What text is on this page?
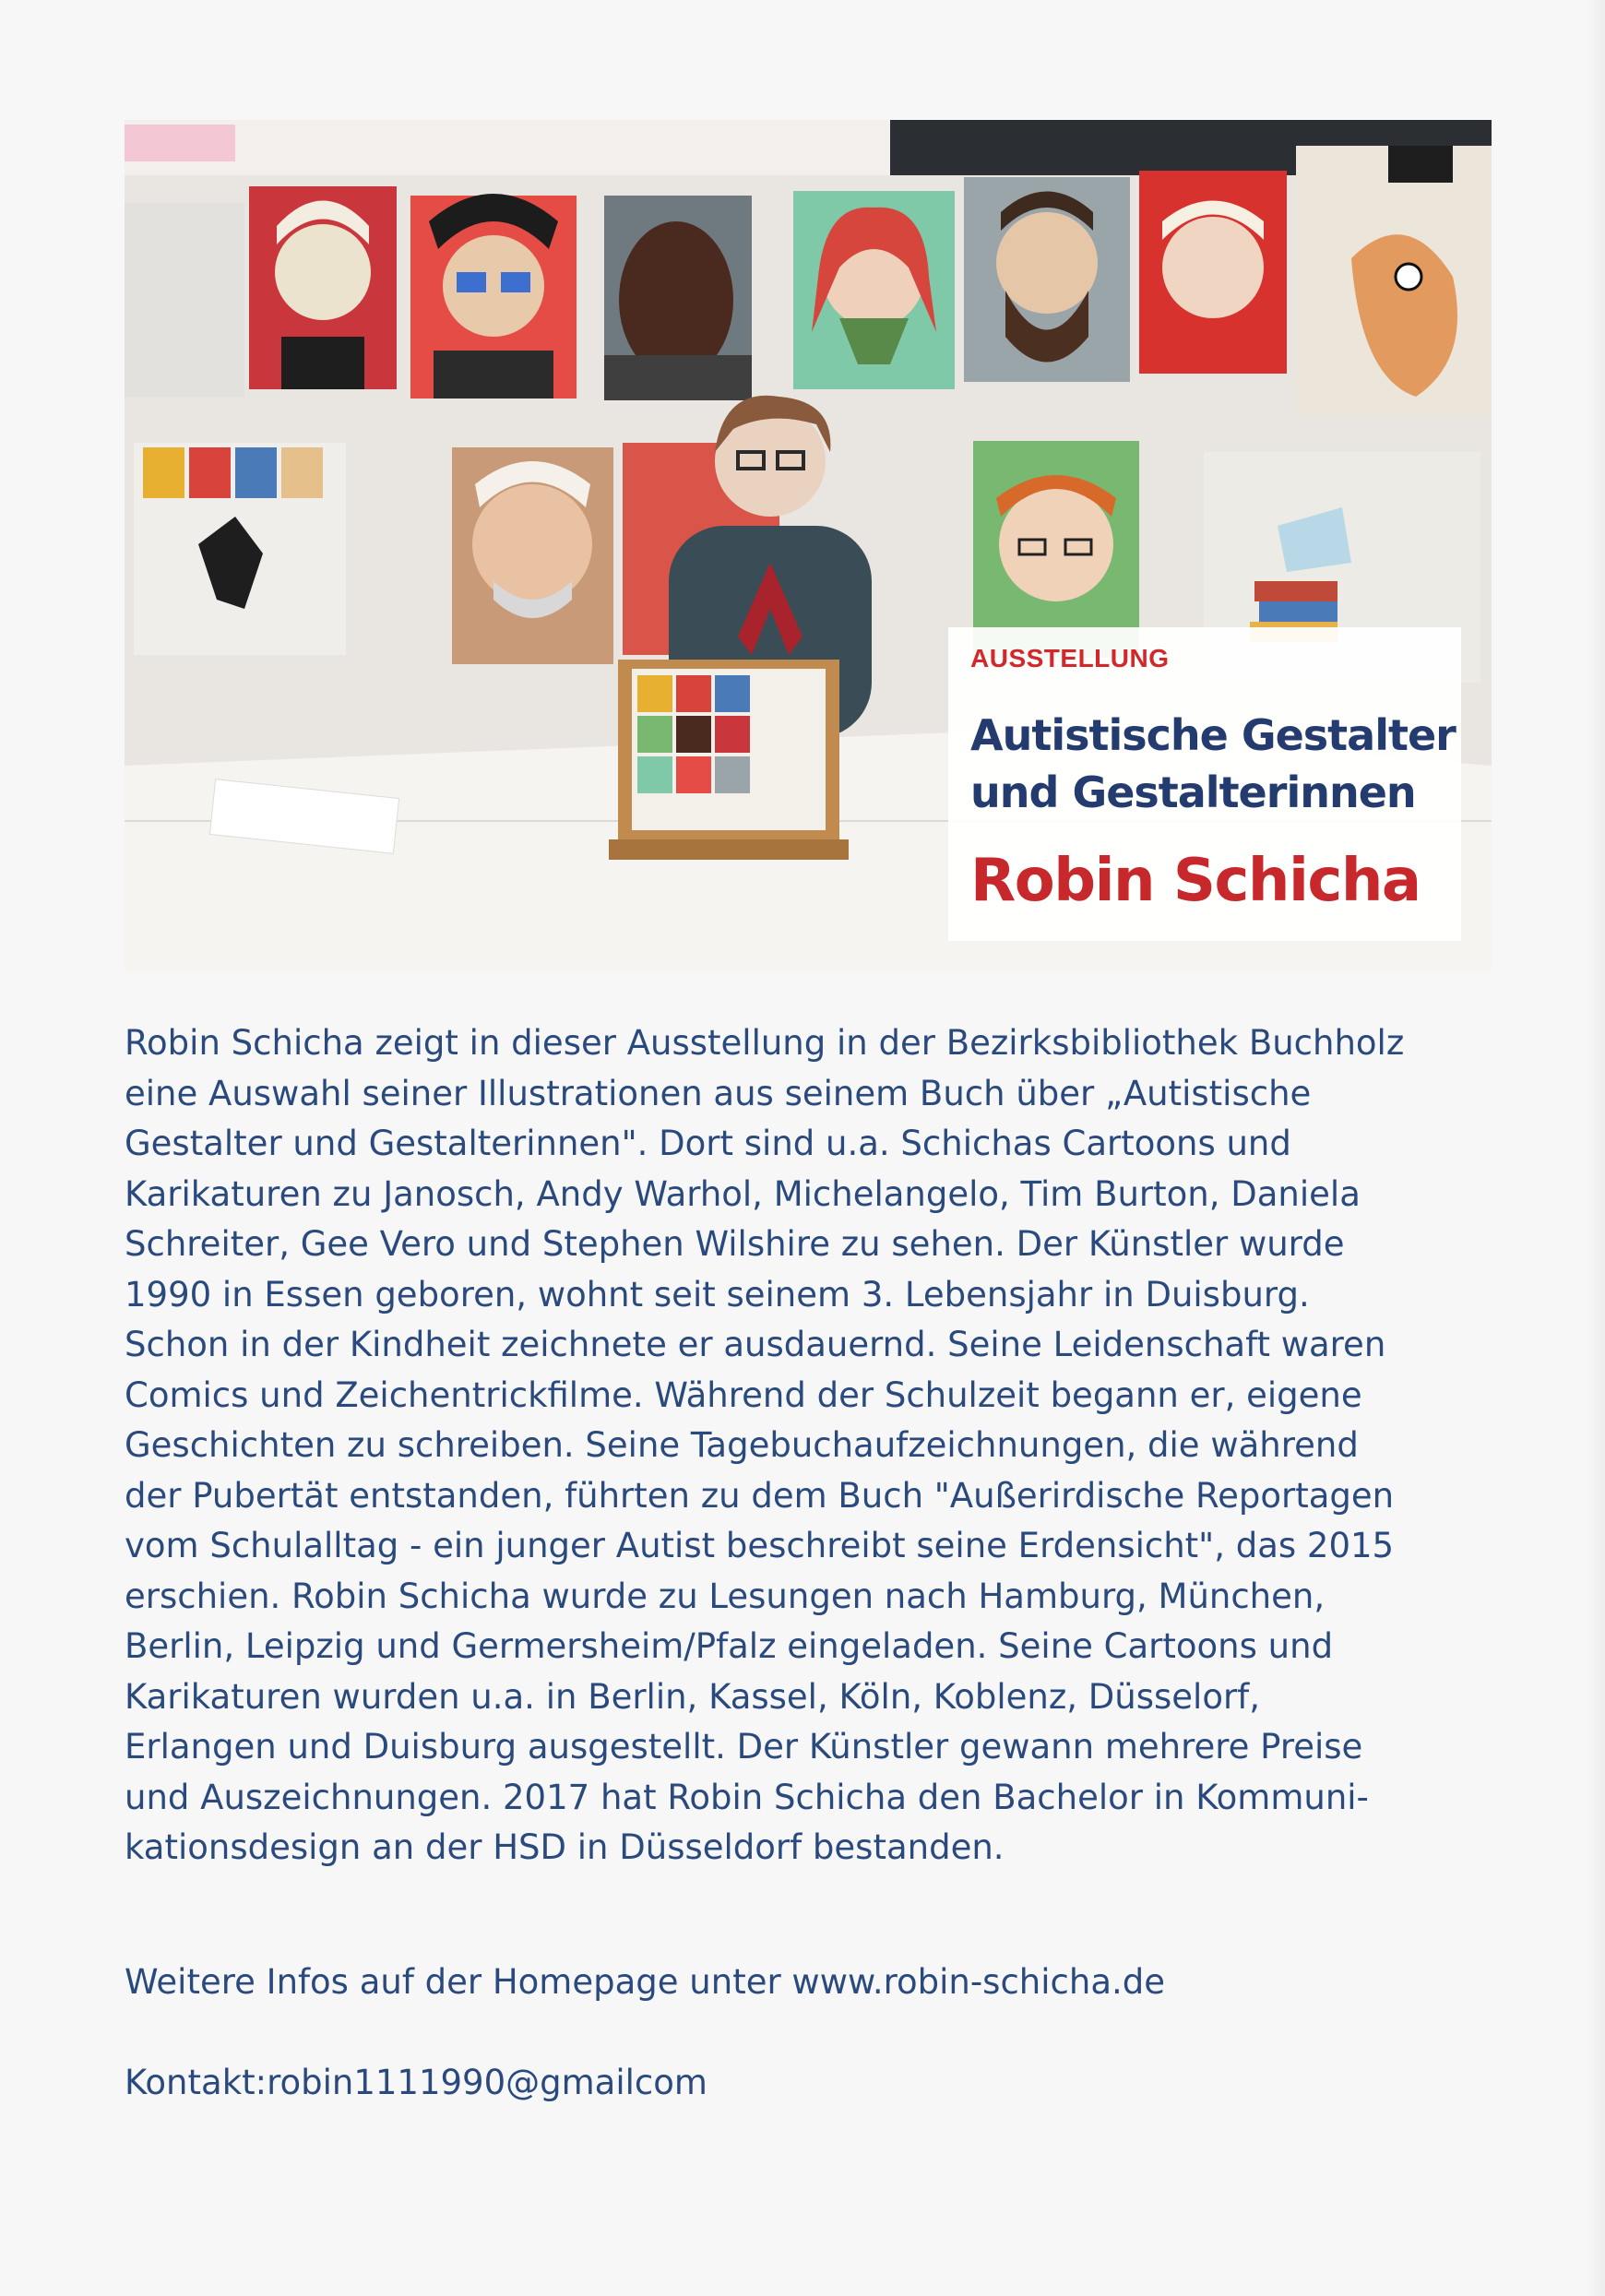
AUSSTELLUNG
Autistische Gestalter
und Gestalterinnen
Robin Schicha
Robin Schicha zeigt in dieser Ausstellung in der Bezirksbibliothek Buchholz
eine Auswahl seiner Illustrationen aus seinem Buch über „Autistische
Gestalter und Gestalterinnen". Dort sind u.a. Schichas Cartoons und
Karikaturen zu Janosch, Andy Warhol, Michelangelo, Tim Burton, Daniela
Schreiter, Gee Vero und Stephen Wilshire zu sehen. Der Künstler wurde
1990 in Essen geboren, wohnt seit seinem 3. Lebensjahr in Duisburg.
Schon in der Kindheit zeichnete er ausdauernd. Seine Leidenschaft waren
Comics und Zeichentrickfilme. Während der Schulzeit begann er, eigene
Geschichten zu schreiben. Seine Tagebuchaufzeichnungen, die während
der Pubertät entstanden, führten zu dem Buch "Außerirdische Reportagen
vom Schulalltag - ein junger Autist beschreibt seine Erdensicht", das 2015
erschien. Robin Schicha wurde zu Lesungen nach Hamburg, München,
Berlin, Leipzig und Germersheim/Pfalz eingeladen. Seine Cartoons und
Karikaturen wurden u.a. in Berlin, Kassel, Köln, Koblenz, Düsselorf,
Erlangen und Duisburg ausgestellt. Der Künstler gewann mehrere Preise
und Auszeichnungen. 2017 hat Robin Schicha den Bachelor in Kommuni-
kationsdesign an der HSD in Düsseldorf bestanden.
Weitere Infos auf der Homepage unter www.robin-schicha.de
Kontakt:robin1111990@gmailcom
